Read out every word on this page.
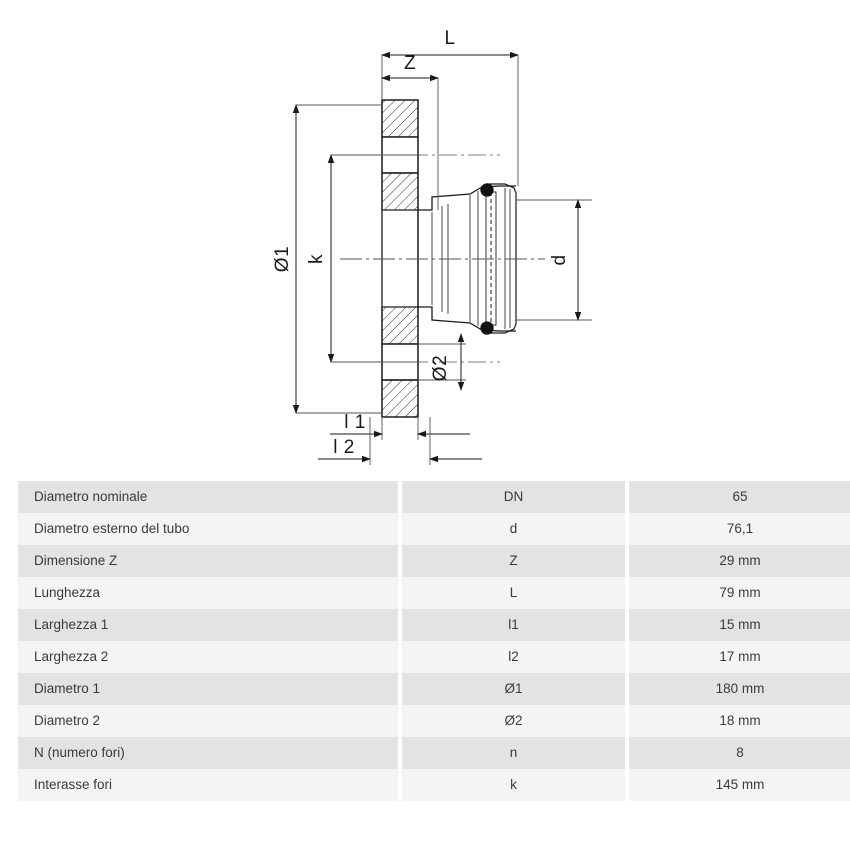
L
Z
Ø1 k
Ø2
d
l 1
l 2
Diametro nominale		DN		65
Diametro esterno del tubo		d		76,1
Dimensione Z		Z		29 mm
Lunghezza		L		79 mm
Larghezza 1		l1		15 mm
Larghezza 2		l2		17 mm
Diametro 1		Ø1		180 mm
Diametro 2		Ø2		18 mm
N (numero fori)		n		8
Interasse fori		k		145 mm
